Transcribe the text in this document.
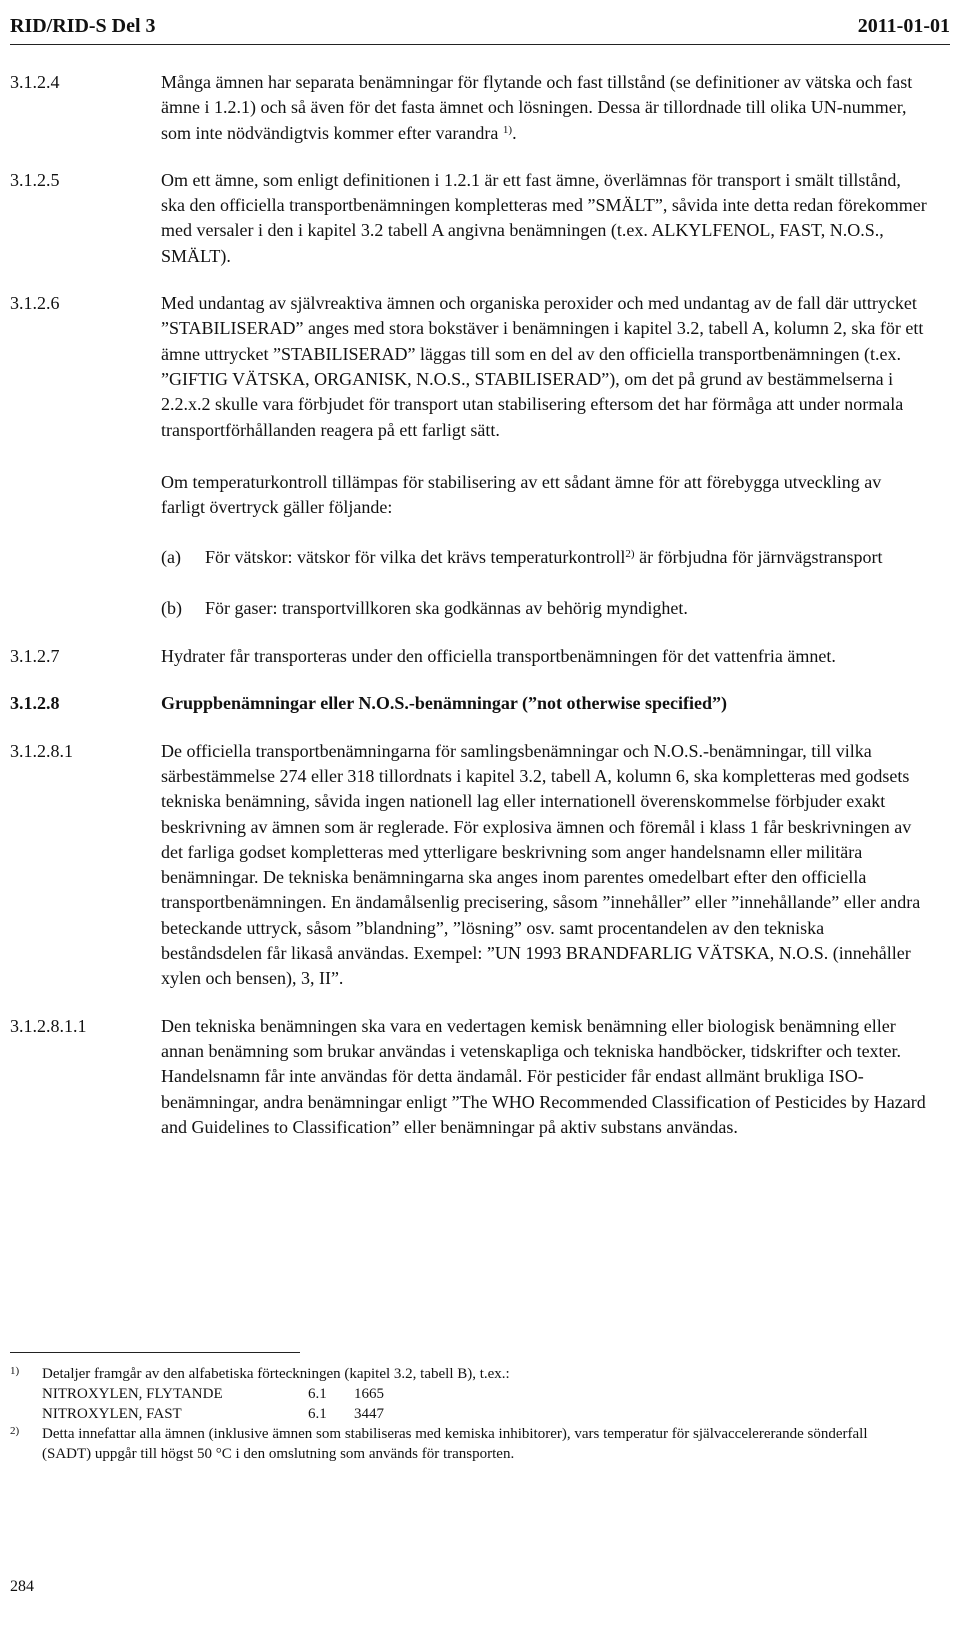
RID/RID-S Del 3	2011-01-01
3.1.2.4	Många ämnen har separata benämningar för flytande och fast tillstånd (se definitioner av vätska och fast ämne i 1.2.1) och så även för det fasta ämnet och lösningen. Dessa är tillordnade till olika UN-nummer, som inte nödvändigtvis kommer efter varandra $^{1)}$.

3.1.2.5	Om ett ämne, som enligt definitionen i 1.2.1 är ett fast ämne, överlämnas för transport i smält tillstånd, ska den officiella transportbenämningen kompletteras med ”SMÄLT”, såvida inte detta redan förekommer med versaler i den i kapitel 3.2 tabell A angivna benämningen (t.ex. ALKYLFENOL, FAST, N.O.S., SMÄLT).

3.1.2.6	Med undantag av självreaktiva ämnen och organiska peroxider och med undantag av de fall där uttrycket ”STABILISERAD” anges med stora bokstäver i benämningen i kapitel 3.2, tabell A, kolumn 2, ska för ett ämne uttrycket ”STABILISERAD” läggas till som en del av den officiella transportbenämningen (t.ex. ”GIFTIG VÄTSKA, ORGANISK, N.O.S., STABILISERAD”), om det på grund av bestämmelserna i 2.2.x.2 skulle vara förbjudet för transport utan stabilisering eftersom det har förmåga att under normala transportförhållanden reagera på ett farligt sätt.

Om temperaturkontroll tillämpas för stabilisering av ett sådant ämne för att förebygga utveckling av farligt övertryck gäller följande:

(a)	För vätskor: vätskor för vilka det krävs temperaturkontroll$^{2)}$ är förbjudna för järnvägstransport
(b)	För gaser: transportvillkoren ska godkännas av behörig myndighet.
3.1.2.7	Hydrater får transporteras under den officiella transportbenämningen för det vattenfria ämnet.

3.1.2.8	Gruppbenämningar eller N.O.S.-benämningar (”not otherwise specified”)

3.1.2.8.1	De officiella transportbenämningarna för samlingsbenämningar och N.O.S.-benämningar, till vilka särbestämmelse 274 eller 318 tillordnats i kapitel 3.2, tabell A, kolumn 6, ska kompletteras med godsets tekniska benämning, såvida ingen nationell lag eller internationell överenskommelse förbjuder exakt beskrivning av ämnen som är reglerade. För explosiva ämnen och föremål i klass 1 får beskrivningen av det farliga godset kompletteras med ytterligare beskrivning som anger handelsnamn eller militära benämningar. De tekniska benämningarna ska anges inom parentes omedelbart efter den officiella transportbenämningen. En ändamålsenlig precisering, såsom ”innehåller” eller ”innehållande” eller andra beteckande uttryck, såsom ”blandning”, ”lösning” osv. samt procentandelen av den tekniska beståndsdelen får likaså användas. Exempel: ”UN 1993 BRANDFARLIG VÄTSKA, N.O.S. (innehåller xylen och bensen), 3, II”.

3.1.2.8.1.1	Den tekniska benämningen ska vara en vedertagen kemisk benämning eller biologisk benämning eller annan benämning som brukar användas i vetenskapliga och tekniska handböcker, tidskrifter och texter. Handelsnamn får inte användas för detta ändamål. För pesticider får endast allmänt brukliga ISO-benämningar, andra benämningar enligt ”The WHO Recommended Classification of Pesticides by Hazard and Guidelines to Classification” eller benämningar på aktiv substans användas.

1)	Detaljer framgår av den alfabetiska förteckningen (kapitel 3.2, tabell B), t.ex.:
NITROXYLEN, FLYTANDE	6.1	1665
NITROXYLEN, FAST	6.1	3447
2)	Detta innefattar alla ämnen (inklusive ämnen som stabiliseras med kemiska inhibitorer), vars temperatur för självaccelererande sönderfall (SADT) uppgår till högst 50 °C i den omslutning som används för transporten.
284
